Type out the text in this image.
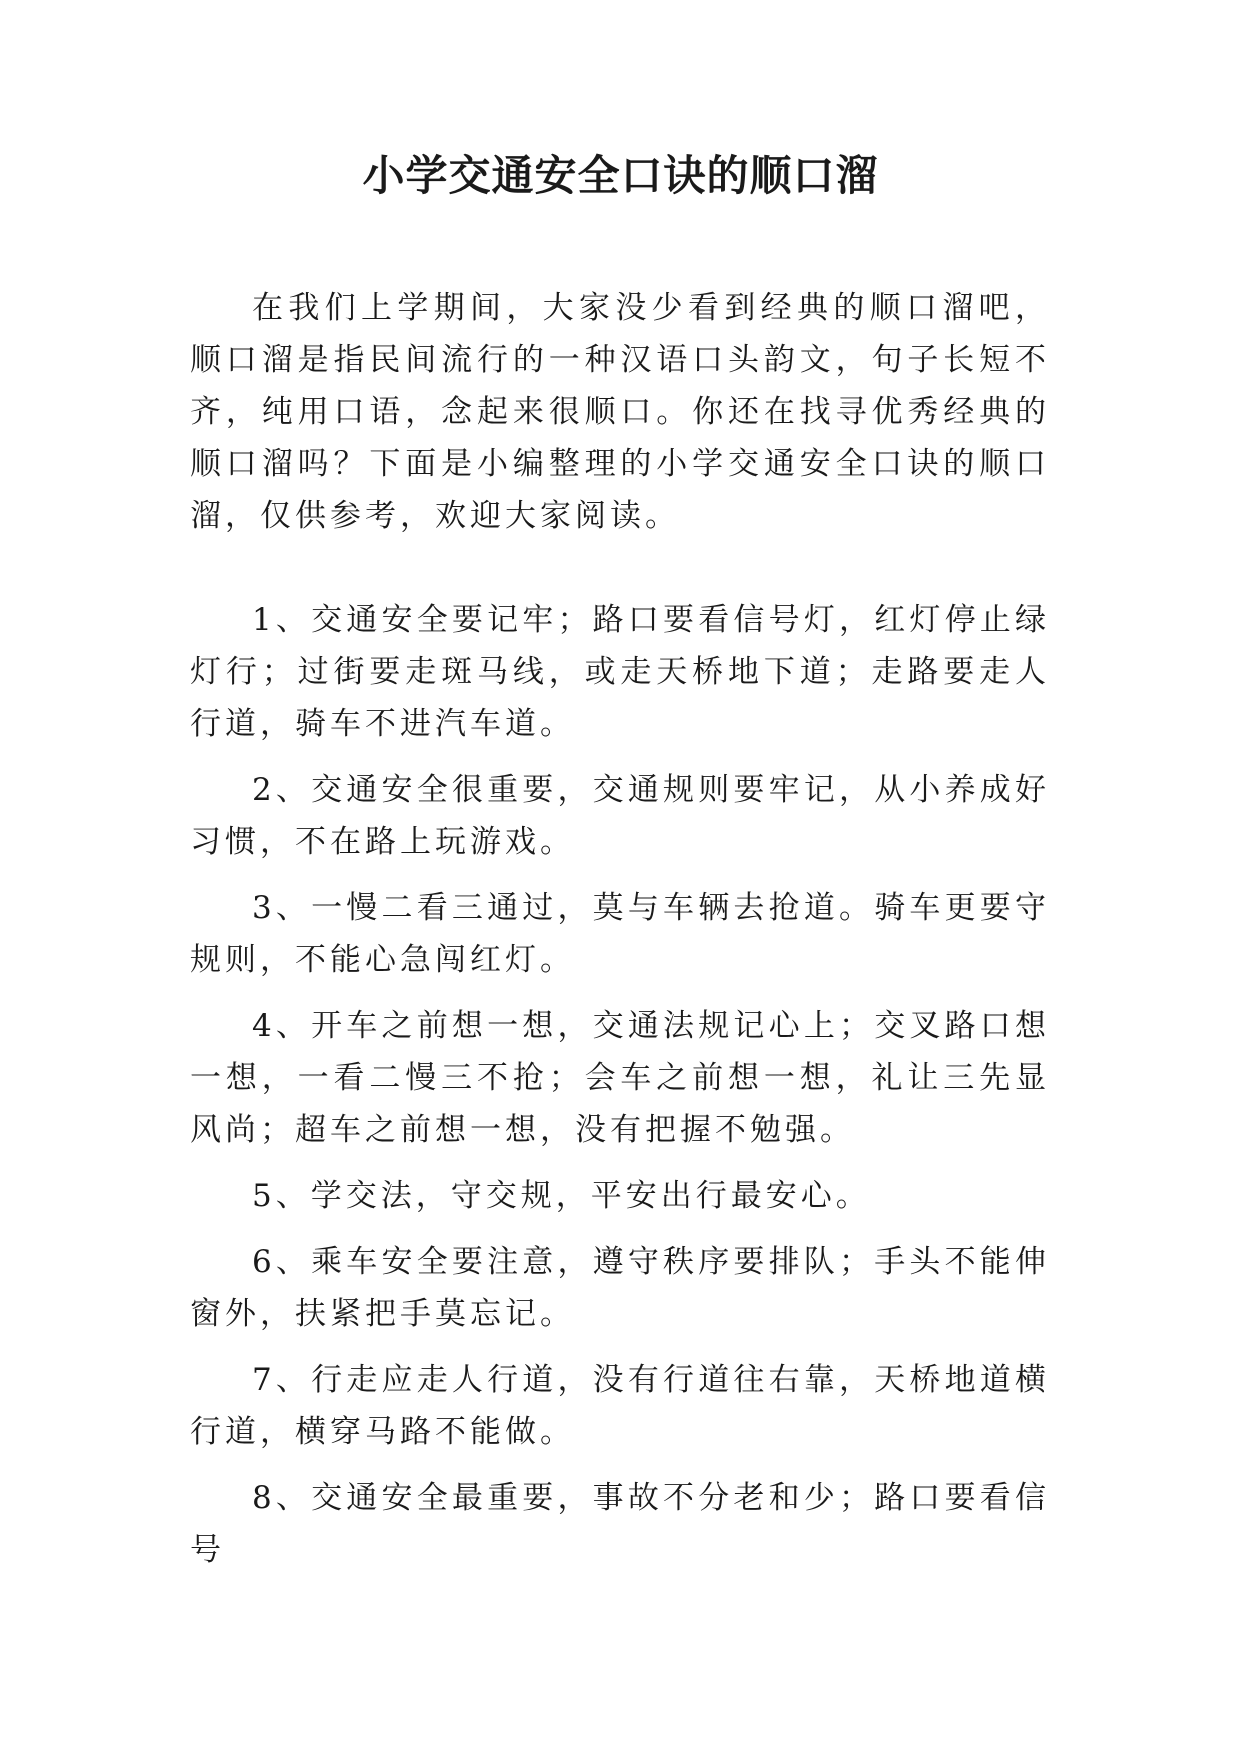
小学交通安全口诀的顺口溜

在我们上学期间，大家没少看到经典的顺口溜吧，顺口溜是指民间流行的一种汉语口头韵文，句子长短不齐，纯用口语，念起来很顺口。你还在找寻优秀经典的顺口溜吗？下面是小编整理的小学交通安全口诀的顺口溜，仅供参考，欢迎大家阅读。

1、交通安全要记牢；路口要看信号灯，红灯停止绿灯行；过街要走斑马线，或走天桥地下道；走路要走人行道，骑车不进汽车道。

2、交通安全很重要，交通规则要牢记，从小养成好习惯，不在路上玩游戏。

3、一慢二看三通过，莫与车辆去抢道。骑车更要守规则，不能心急闯红灯。

4、开车之前想一想，交通法规记心上；交叉路口想一想，一看二慢三不抢；会车之前想一想，礼让三先显风尚；超车之前想一想，没有把握不勉强。

5、学交法，守交规，平安出行最安心。

6、乘车安全要注意，遵守秩序要排队；手头不能伸窗外，扶紧把手莫忘记。

7、行走应走人行道，没有行道往右靠，天桥地道横行道，横穿马路不能做。

8、交通安全最重要，事故不分老和少；路口要看信号
